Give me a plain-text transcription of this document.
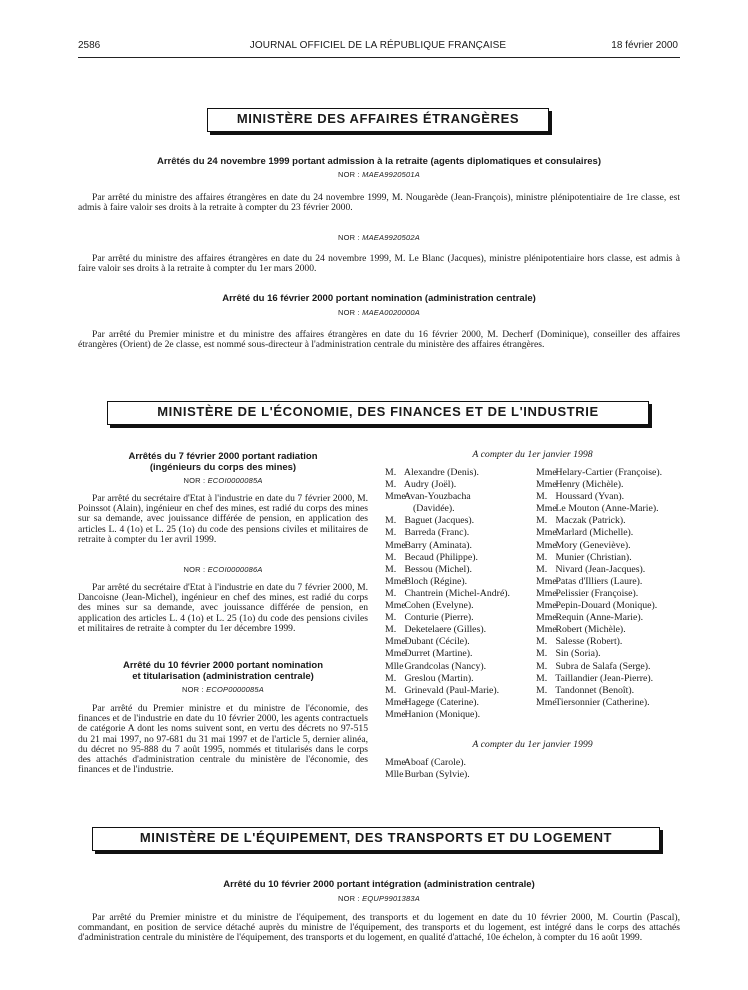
2586	JOURNAL OFFICIEL DE LA RÉPUBLIQUE FRANÇAISE	18 février 2000
MINISTÈRE DES AFFAIRES ÉTRANGÈRES
Arrêtés du 24 novembre 1999 portant admission à la retraite (agents diplomatiques et consulaires)
NOR : MAEA9920501A
Par arrêté du ministre des affaires étrangères en date du 24 novembre 1999, M. Nougarède (Jean-François), ministre plénipotentiaire de 1re classe, est admis à faire valoir ses droits à la retraite à compter du 23 février 2000.
NOR : MAEA9920502A
Par arrêté du ministre des affaires étrangères en date du 24 novembre 1999, M. Le Blanc (Jacques), ministre plénipotentiaire hors classe, est admis à faire valoir ses droits à la retraite à compter du 1er mars 2000.
Arrêté du 16 février 2000 portant nomination (administration centrale)
NOR : MAEA0020000A
Par arrêté du Premier ministre et du ministre des affaires étrangères en date du 16 février 2000, M. Decherf (Dominique), conseiller des affaires étrangères (Orient) de 2e classe, est nommé sous-directeur à l'administration centrale du ministère des affaires étrangères.
MINISTÈRE DE L'ÉCONOMIE, DES FINANCES ET DE L'INDUSTRIE
Arrêtés du 7 février 2000 portant radiation
(ingénieurs du corps des mines)
NOR : ECOI0000085A
Par arrêté du secrétaire d'Etat à l'industrie en date du 7 février 2000, M. Poinssot (Alain), ingénieur en chef des mines, est radié du corps des mines sur sa demande, avec jouissance différée de pension, en application des articles L. 4 (1o) et L. 25 (1o) du code des pensions civiles et militaires de retraite à compter du 1er avril 1999.
NOR : ECOI0000086A
Par arrêté du secrétaire d'Etat à l'industrie en date du 7 février 2000, M. Dancoisne (Jean-Michel), ingénieur en chef des mines, est radié du corps des mines sur sa demande, avec jouissance différée de pension, en application des articles L. 4 (1o) et L. 25 (1o) du code des pensions civiles et militaires de retraite à compter du 1er décembre 1999.
Arrêté du 10 février 2000 portant nomination
et titularisation (administration centrale)
NOR : ECOP0000085A
Par arrêté du Premier ministre et du ministre de l'économie, des finances et de l'industrie en date du 10 février 2000, les agents contractuels de catégorie A dont les noms suivent sont, en vertu des décrets no 97-515 du 21 mai 1997, no 97-681 du 31 mai 1997 et de l'article 5, dernier alinéa, du décret no 95-888 du 7 août 1995, nommés et titularisés dans le corps des attachés d'administration centrale du ministère de l'économie, des finances et de l'industrie.
A compter du 1er janvier 1998
M. Alexandre (Denis).
M. Audry (Joël).
Mme Avan-Youzbacha
(Davidée).
M. Baguet (Jacques).
M. Barreda (Franc).
Mme Barry (Aminata).
M. Becaud (Philippe).
M. Bessou (Michel).
Mme Bloch (Régine).
M. Chantrein (Michel-André).
Mme Cohen (Evelyne).
M. Conturie (Pierre).
M. Deketelaere (Gilles).
Mme Dubant (Cécile).
Mme Durret (Martine).
Mlle Grandcolas (Nancy).
M. Greslou (Martin).
M. Grinevald (Paul-Marie).
Mme Hagege (Caterine).
Mme Hanion (Monique).
Mme Helary-Cartier (Françoise).
Mme Henry (Michèle).
M. Houssard (Yvan).
Mme Le Mouton (Anne-Marie).
M. Maczak (Patrick).
Mme Marlard (Michelle).
Mme Mory (Geneviève).
M. Munier (Christian).
M. Nivard (Jean-Jacques).
Mme Patas d'Illiers (Laure).
Mme Pelissier (Françoise).
Mme Pepin-Douard (Monique).
Mme Requin (Anne-Marie).
Mme Robert (Michèle).
M. Salesse (Robert).
M. Sin (Soria).
M. Subra de Salafa (Serge).
M. Taillandier (Jean-Pierre).
M. Tandonnet (Benoît).
Mme Tiersonnier (Catherine).
A compter du 1er janvier 1999
Mme Aboaf (Carole).
Mlle Burban (Sylvie).
MINISTÈRE DE L'ÉQUIPEMENT, DES TRANSPORTS ET DU LOGEMENT
Arrêté du 10 février 2000 portant intégration (administration centrale)
NOR : EQUP9901383A
Par arrêté du Premier ministre et du ministre de l'équipement, des transports et du logement en date du 10 février 2000, M. Courtin (Pascal), commandant, en position de service détaché auprès du ministre de l'équipement, des transports et du logement, est intégré dans le corps des attachés d'administration centrale du ministère de l'équipement, des transports et du logement, en qualité d'attaché, 10e échelon, à compter du 16 août 1999.
